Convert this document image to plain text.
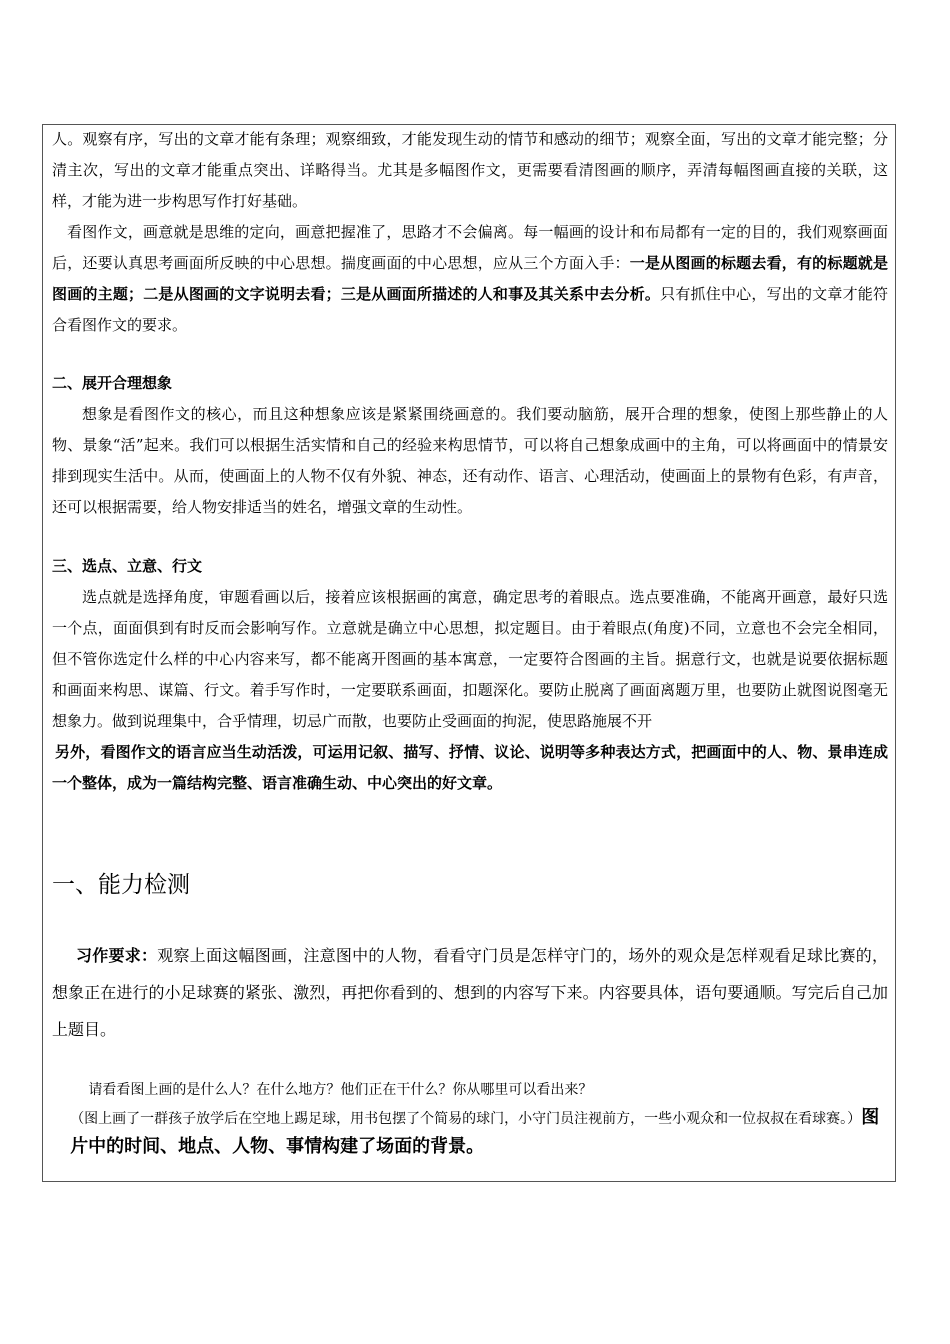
人。观察有序，写出的文章才能有条理；观察细致，才能发现生动的情节和感动的细节；观察全面，写出的文章才能完整；分清主次，写出的文章才能重点突出、详略得当。尤其是多幅图作文，更需要看清图画的顺序，弄清每幅图画直接的关联，这样，才能为进一步构思写作打好基础。

看图作文，画意就是思维的定向，画意把握准了，思路才不会偏离。每一幅画的设计和布局都有一定的目的，我们观察画面后，还要认真思考画面所反映的中心思想。揣度画面的中心思想，应从三个方面入手：一是从图画的标题去看，有的标题就是图画的主题；二是从图画的文字说明去看；三是从画面所描述的人和事及其关系中去分析。只有抓住中心，写出的文章才能符合看图作文的要求。

二、展开合理想象

想象是看图作文的核心，而且这种想象应该是紧紧围绕画意的。我们要动脑筋，展开合理的想象，使图上那些静止的人物、景象“活”起来。我们可以根据生活实情和自己的经验来构思情节，可以将自己想象成画中的主角，可以将画面中的情景安排到现实生活中。从而，使画面上的人物不仅有外貌、神态，还有动作、语言、心理活动，使画面上的景物有色彩，有声音，还可以根据需要，给人物安排适当的姓名，增强文章的生动性。

三、选点、立意、行文

选点就是选择角度，审题看画以后，接着应该根据画的寓意，确定思考的着眼点。选点要准确，不能离开画意，最好只选一个点，面面俱到有时反而会影响写作。立意就是确立中心思想，拟定题目。由于着眼点(角度)不同，立意也不会完全相同，但不管你选定什么样的中心内容来写，都不能离开图画的基本寓意，一定要符合图画的主旨。据意行文，也就是说要依据标题和画面来构思、谋篇、行文。着手写作时，一定要联系画面，扣题深化。要防止脱离了画面离题万里，也要防止就图说图毫无想象力。做到说理集中，合乎情理，切忌广而散，也要防止受画面的拘泥，使思路施展不开

另外，看图作文的语言应当生动活泼，可运用记叙、描写、抒情、议论、说明等多种表达方式，把画面中的人、物、景串连成一个整体，成为一篇结构完整、语言准确生动、中心突出的好文章。

一、能力检测

习作要求：观察上面这幅图画，注意图中的人物，看看守门员是怎样守门的，场外的观众是怎样观看足球比赛的，想象正在进行的小足球赛的紧张、激烈，再把你看到的、想到的内容写下来。内容要具体，语句要通顺。写完后自己加上题目。

请看看图上画的是什么人？在什么地方？他们正在干什么？你从哪里可以看出来？

（图上画了一群孩子放学后在空地上踢足球，用书包摆了个简易的球门，小守门员注视前方，一些小观众和一位叔叔在看球赛。）图片中的时间、地点、人物、事情构建了场面的背景。
